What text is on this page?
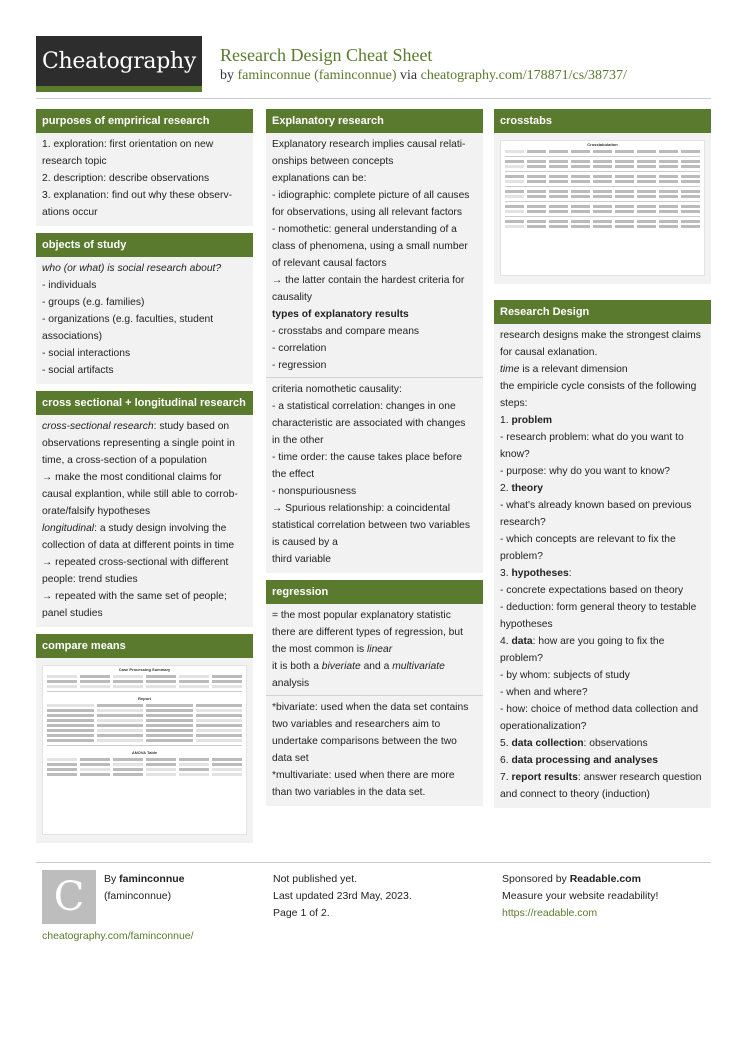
Cheatography	Research Design Cheat Sheet
by faminconnue (faminconnue) via cheatography.com/178871/cs/38737/
purposes of emprirical research
1. exploration: first orientation on new
research topic
2. description: describe observations
3. explanation: find out why these observ-
ations occur
objects of study
who (or what) is social research about?
- individuals
- groups (e.g. families)
- organizations (e.g. faculties, student
associations)
- social interactions
- social artifacts
cross sectional + longitudinal research
cross-sectional research: study based on
observations representing a single point in
time, a cross-section of a population
→ make the most conditional claims for
causal explantion, while still able to corrob-
orate/falsify hypotheses
longitudinal: a study design involving the
collection of data at different points in time
→ repeated cross-sectional with different
people: trend studies
→ repeated with the same set of people;
panel studies
compare means
Case Processing Summary
Report
ANOVA Table
Explanatory research
Explanatory research implies causal relati-
onships between concepts
explanations can be:
- idiographic: complete picture of all causes
for observations, using all relevant factors
- nomothetic: general understanding of a
class of phenomena, using a small number
of relevant causal factors
→ the latter contain the hardest criteria for
causality
types of explanatory results
- crosstabs and compare means
- correlation
- regression
criteria nomothetic causality:
- a statistical correlation: changes in one
characteristic are associated with changes
in the other
- time order: the cause takes place before
the effect
- nonspuriousness
→ Spurious relationship: a coincidental
statistical correlation between two variables
is caused by a
third variable
regression
= the most popular explanatory statistic
there are different types of regression, but
the most common is linear
it is both a biveriate and a multivariate
analysis
*bivariate: used when the data set contains
two variables and researchers aim to
undertake comparisons between the two
data set
*multivariate: used when there are more
than two variables in the data set.
crosstabs
Crosstabulation
Research Design
research designs make the strongest claims
for causal exlanation.
time is a relevant dimension
the empiricle cycle consists of the following
steps:
1. problem
- research problem: what do you want to
know?
- purpose: why do you want to know?
2. theory
- what's already known based on previous
research?
- which concepts are relevant to fix the
problem?
3. hypotheses:
- concrete expectations based on theory
- deduction: form general theory to testable
hypotheses
4. data: how are you going to fix the
problem?
- by whom: subjects of study
- when and where?
- how: choice of method data collection and
operationalization?
5. data collection: observations
6. data processing and analyses
7. report results: answer research question
and connect to theory (induction)
C	By faminconnue
(faminconnue)
cheatography.com/faminconnue/
Not published yet.
Last updated 23rd May, 2023.
Page 1 of 2.
Sponsored by Readable.com
Measure your website readability!
https://readable.com
